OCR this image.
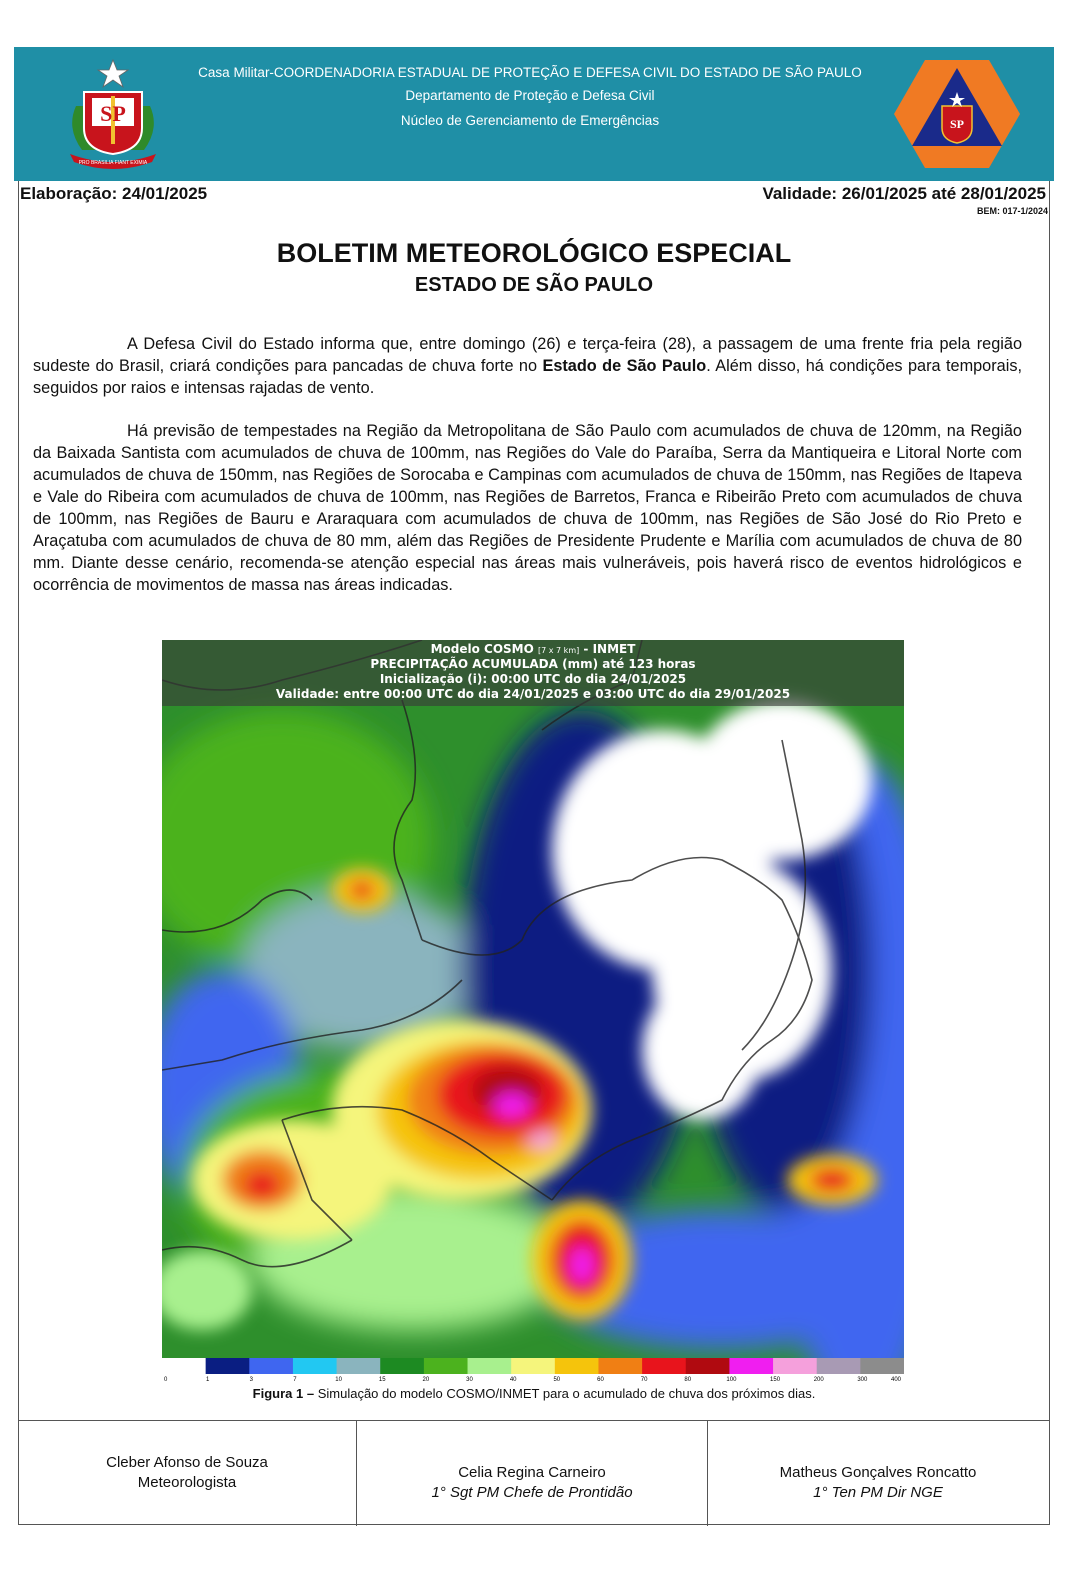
SP
PRO BRASILIA FIANT EXIMIA
Casa Militar-COORDENADORIA ESTADUAL DE PROTEÇÃO E DEFESA CIVIL DO ESTADO DE SÃO PAULO
Departamento de Proteção e Defesa Civil
Núcleo de Gerenciamento de Emergências	SP
Elaboração: 24/01/2025	Validade: 26/01/2025 até 28/01/2025
BEM: 017-1/2024
BOLETIM METEOROLÓGICO ESPECIAL
ESTADO DE SÃO PAULO

A Defesa Civil do Estado informa que, entre domingo (26) e terça-feira (28), a passagem de uma frente fria pela região sudeste do Brasil, criará condições para pancadas de chuva forte no Estado de São Paulo. Além disso, há condições para temporais, seguidos por raios e intensas rajadas de vento.

Há previsão de tempestades na Região da Metropolitana de São Paulo com acumulados de chuva de 120mm, na Região da Baixada Santista com acumulados de chuva de 100mm, nas Regiões do Vale do Paraíba, Serra da Mantiqueira e Litoral Norte com acumulados de chuva de 150mm, nas Regiões de Sorocaba e Campinas com acumulados de chuva de 150mm, nas Regiões de Itapeva e Vale do Ribeira com acumulados de chuva de 100mm, nas Regiões de Barretos, Franca e Ribeirão Preto com acumulados de chuva de 100mm, nas Regiões de Bauru e Araraquara com acumulados de chuva de 100mm, nas Regiões de São José do Rio Preto e Araçatuba com acumulados de chuva de 80 mm, além das Regiões de Presidente Prudente e Marília com acumulados de chuva de 80 mm. Diante desse cenário, recomenda-se atenção especial nas áreas mais vulneráveis, pois haverá risco de eventos hidrológicos e ocorrência de movimentos de massa nas áreas indicadas.

Modelo COSMO [7 x 7 km] - INMET
PRECIPITAÇÃO ACUMULADA (mm) até 123 horas
Inicialização (i): 00:00 UTC do dia 24/01/2025
Validade: entre 00:00 UTC do dia 24/01/2025 e 03:00 UTC do dia 29/01/2025
0	1	3	7	10	15	20	30	40	50	60	70	80	100	150	200	300	400
Figura 1 – Simulação do modelo COSMO/INMET para o acumulado de chuva dos próximos dias.
Cleber Afonso de Souza
Meteorologista
Celia Regina Carneiro
1° Sgt PM Chefe de Prontidão
Matheus Gonçalves Roncatto
1° Ten PM Dir NGE
